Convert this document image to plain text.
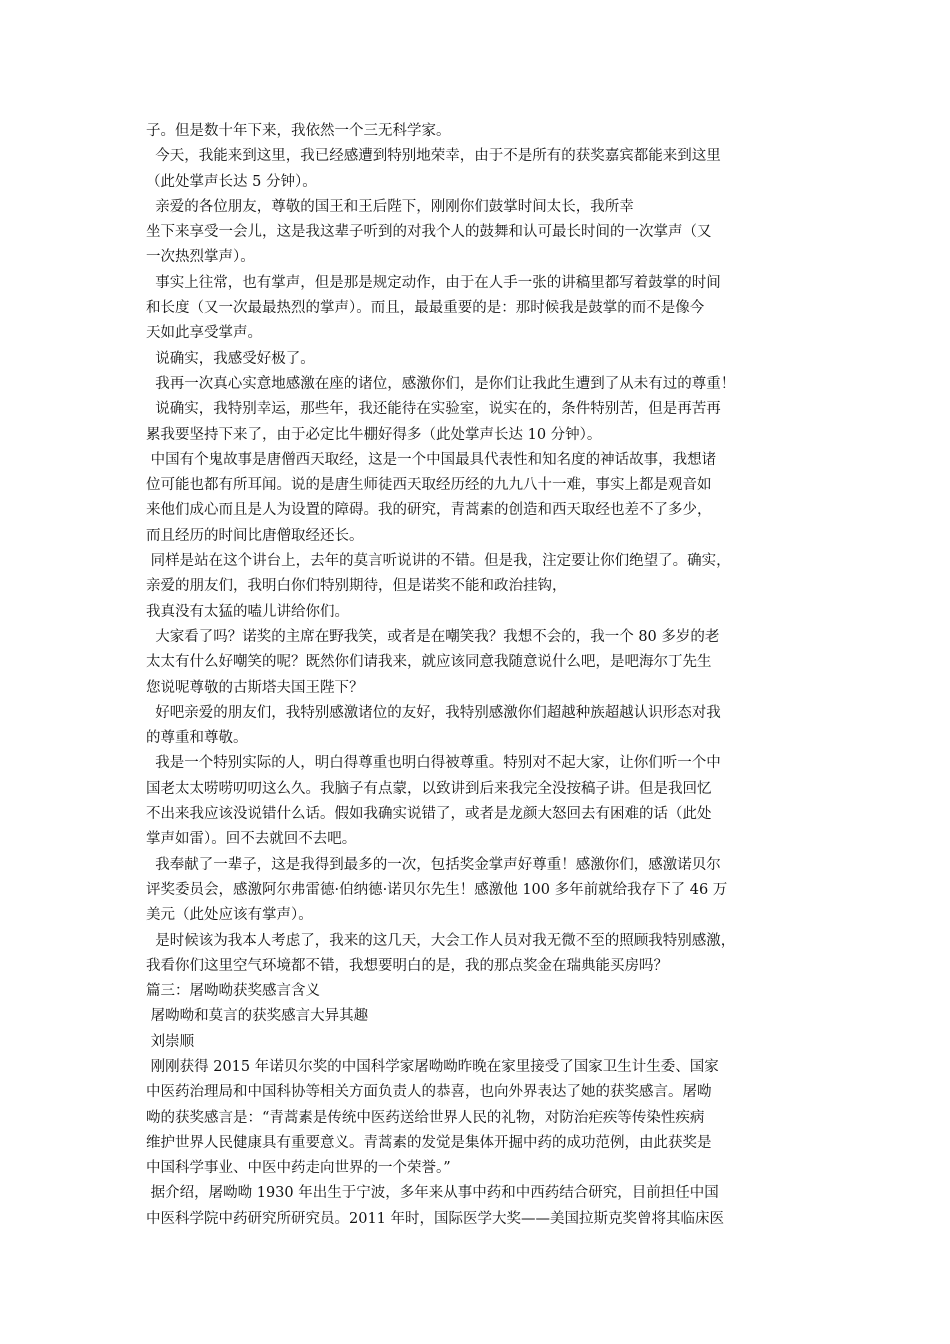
子。但是数十年下来，我依然一个三无科学家。
今天，我能来到这里，我已经感遭到特别地荣幸，由于不是所有的获奖嘉宾都能来到这里
（此处掌声长达 5 分钟）。
亲爱的各位朋友，尊敬的国王和王后陛下，刚刚你们鼓掌时间太长，我所幸
坐下来享受一会儿，这是我这辈子听到的对我个人的鼓舞和认可最长时间的一次掌声（又
一次热烈掌声）。
事实上往常，也有掌声，但是那是规定动作，由于在人手一张的讲稿里都写着鼓掌的时间
和长度（又一次最最热烈的掌声）。而且，最最重要的是：那时候我是鼓掌的而不是像今
天如此享受掌声。
说确实，我感受好极了。
我再一次真心实意地感激在座的诸位，感激你们，是你们让我此生遭到了从未有过的尊重！
说确实，我特别幸运，那些年，我还能待在实验室，说实在的，条件特别苦，但是再苦再
累我要坚持下来了，由于必定比牛棚好得多（此处掌声长达 10 分钟）。
中国有个鬼故事是唐僧西天取经，这是一个中国最具代表性和知名度的神话故事，我想诸
位可能也都有所耳闻。说的是唐生师徒西天取经历经的九九八十一难，事实上都是观音如
来他们成心而且是人为设置的障碍。我的研究，青蒿素的创造和西天取经也差不了多少，
而且经历的时间比唐僧取经还长。
同样是站在这个讲台上，去年的莫言听说讲的不错。但是我，注定要让你们绝望了。确实，
亲爱的朋友们，我明白你们特别期待，但是诺奖不能和政治挂钩，
我真没有太猛的嗑儿讲给你们。
大家看了吗？诺奖的主席在野我笑，或者是在嘲笑我？我想不会的，我一个 80 多岁的老
太太有什么好嘲笑的呢？既然你们请我来，就应该同意我随意说什么吧，是吧海尔丁先生
您说呢尊敬的古斯塔夫国王陛下？
好吧亲爱的朋友们，我特别感激诸位的友好，我特别感激你们超越种族超越认识形态对我
的尊重和尊敬。
我是一个特别实际的人，明白得尊重也明白得被尊重。特别对不起大家，让你们听一个中
国老太太唠唠叨叨这么久。我脑子有点蒙，以致讲到后来我完全没按稿子讲。但是我回忆
不出来我应该没说错什么话。假如我确实说错了，或者是龙颜大怒回去有困难的话（此处
掌声如雷）。回不去就回不去吧。
我奉献了一辈子，这是我得到最多的一次，包括奖金掌声好尊重！感激你们，感激诺贝尔
评奖委员会，感激阿尔弗雷德·伯纳德·诺贝尔先生！感激他 100 多年前就给我存下了 46 万
美元（此处应该有掌声）。
是时候该为我本人考虑了，我来的这几天，大会工作人员对我无微不至的照顾我特别感激，
我看你们这里空气环境都不错，我想要明白的是，我的那点奖金在瑞典能买房吗？
篇三：屠呦呦获奖感言含义
屠呦呦和莫言的获奖感言大异其趣
刘崇顺
刚刚获得 2015 年诺贝尔奖的中国科学家屠呦呦昨晚在家里接受了国家卫生计生委、国家
中医药治理局和中国科协等相关方面负责人的恭喜，也向外界表达了她的获奖感言。屠呦
呦的获奖感言是：“青蒿素是传统中医药送给世界人民的礼物，对防治疟疾等传染性疾病
维护世界人民健康具有重要意义。青蒿素的发觉是集体开掘中药的成功范例，由此获奖是
中国科学事业、中医中药走向世界的一个荣誉。”
据介绍，屠呦呦 1930 年出生于宁波，多年来从事中药和中西药结合研究，目前担任中国
中医科学院中药研究所研究员。2011 年时，国际医学大奖——美国拉斯克奖曾将其临床医
